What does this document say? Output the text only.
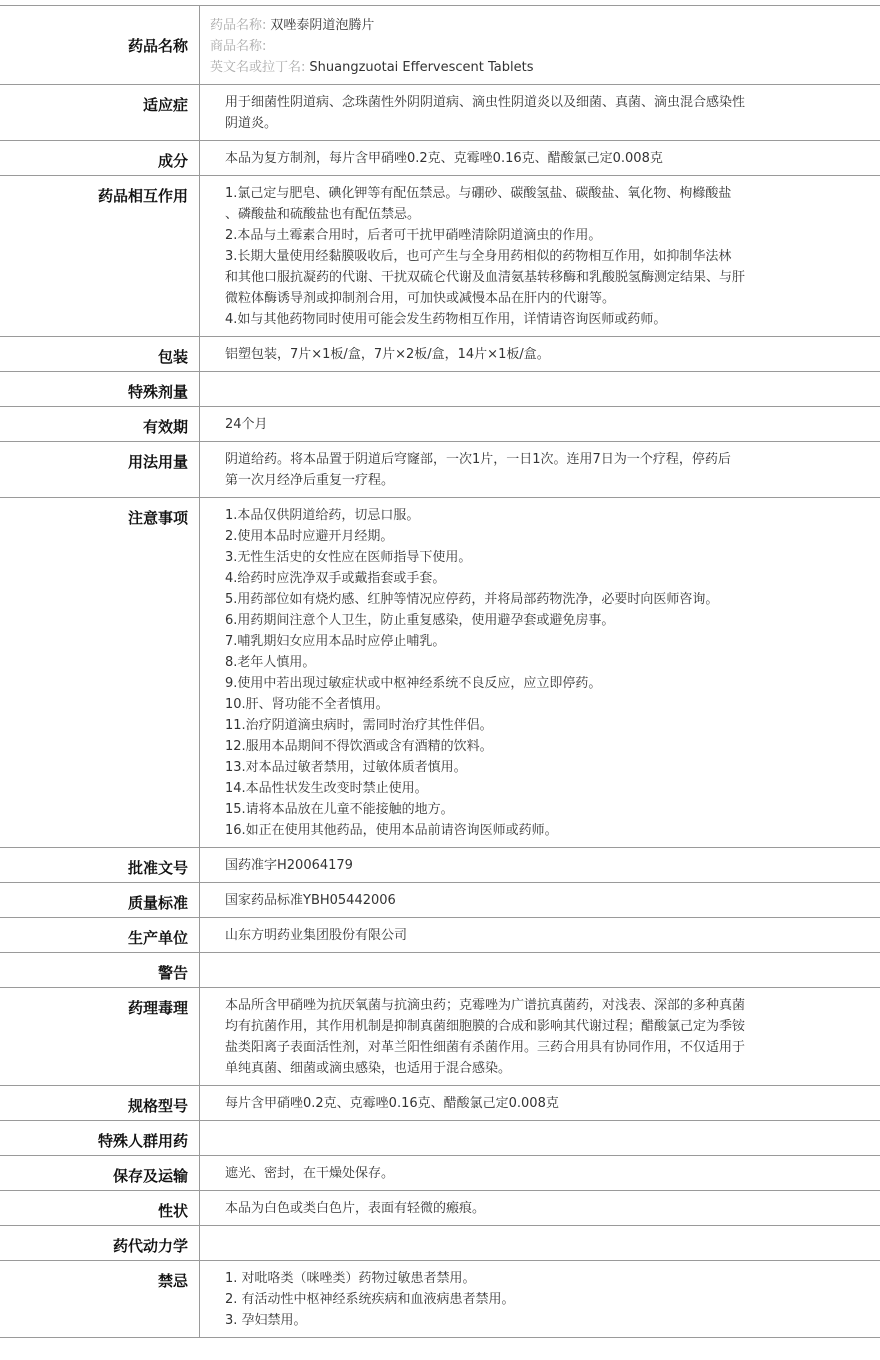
药品名称
药品名称: 双唑泰阴道泡腾片
商品名称:
英文名或拉丁名: Shuangzuotai Effervescent Tablets
适应症	用于细菌性阴道病、念珠菌性外阴阴道病、滴虫性阴道炎以及细菌、真菌、滴虫混合感染性
阴道炎。
成分	本品为复方制剂，每片含甲硝唑0.2克、克霉唑0.16克、醋酸氯己定0.008克
药品相互作用	1.氯己定与肥皂、碘化钾等有配伍禁忌。与硼砂、碳酸氢盐、碳酸盐、氧化物、枸橼酸盐
、磷酸盐和硫酸盐也有配伍禁忌。
2.本品与土霉素合用时，后者可干扰甲硝唑清除阴道滴虫的作用。
3.长期大量使用经黏膜吸收后，也可产生与全身用药相似的药物相互作用，如抑制华法林
和其他口服抗凝药的代谢、干扰双硫仑代谢及血清氨基转移酶和乳酸脱氢酶测定结果、与肝
微粒体酶诱导剂或抑制剂合用，可加快或减慢本品在肝内的代谢等。
4.如与其他药物同时使用可能会发生药物相互作用，详情请咨询医师或药师。
包装	铝塑包装，7片×1板/盒，7片×2板/盒，14片×1板/盒。
特殊剂量

有效期	24个月
用法用量	阴道给药。将本品置于阴道后穹窿部，一次1片，一日1次。连用7日为一个疗程，停药后
第一次月经净后重复一疗程。
注意事项	1.本品仅供阴道给药，切忌口服。
2.使用本品时应避开月经期。
3.无性生活史的女性应在医师指导下使用。
4.给药时应洗净双手或戴指套或手套。
5.用药部位如有烧灼感、红肿等情况应停药，并将局部药物洗净，必要时向医师咨询。
6.用药期间注意个人卫生，防止重复感染，使用避孕套或避免房事。
7.哺乳期妇女应用本品时应停止哺乳。
8.老年人慎用。
9.使用中若出现过敏症状或中枢神经系统不良反应，应立即停药。
10.肝、肾功能不全者慎用。
11.治疗阴道滴虫病时，需同时治疗其性伴侣。
12.服用本品期间不得饮酒或含有酒精的饮料。
13.对本品过敏者禁用，过敏体质者慎用。
14.本品性状发生改变时禁止使用。
15.请将本品放在儿童不能接触的地方。
16.如正在使用其他药品，使用本品前请咨询医师或药师。
批准文号	国药准字H20064179
质量标准	国家药品标准YBH05442006
生产单位	山东方明药业集团股份有限公司
警告

药理毒理	本品所含甲硝唑为抗厌氧菌与抗滴虫药；克霉唑为广谱抗真菌药，对浅表、深部的多种真菌
均有抗菌作用，其作用机制是抑制真菌细胞膜的合成和影响其代谢过程；醋酸氯己定为季铵
盐类阳离子表面活性剂，对革兰阳性细菌有杀菌作用。三药合用具有协同作用，不仅适用于
单纯真菌、细菌或滴虫感染，也适用于混合感染。
规格型号	每片含甲硝唑0.2克、克霉唑0.16克、醋酸氯己定0.008克
特殊人群用药

保存及运输	遮光、密封，在干燥处保存。
性状	本品为白色或类白色片，表面有轻微的瘢痕。
药代动力学

禁忌	1. 对吡咯类（咪唑类）药物过敏患者禁用。
2. 有活动性中枢神经系统疾病和血液病患者禁用。
3. 孕妇禁用。
